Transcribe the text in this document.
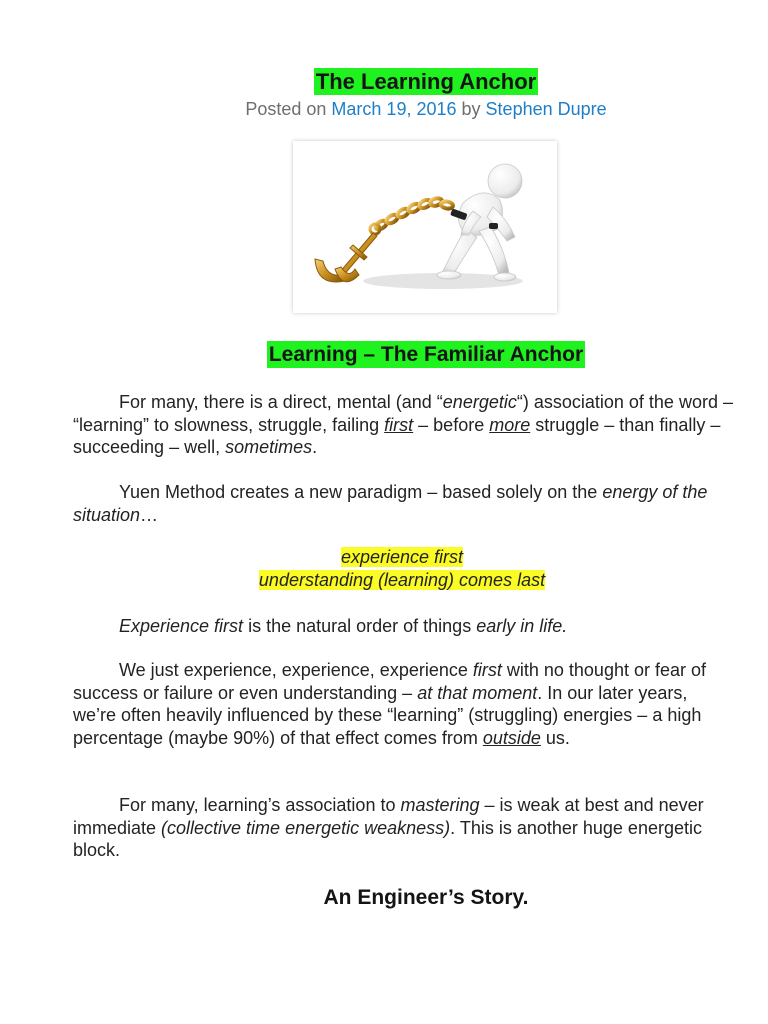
The Learning Anchor
Posted on March 19, 2016 by Stephen Dupre
Learning – The Familiar Anchor
For many, there is a direct, mental (and “energetic“) association of the word – “learning” to slowness, struggle, failing first – before more struggle – than finally – succeeding – well, sometimes.
Yuen Method creates a new paradigm – based solely on the energy of the situation…
experience first
understanding (learning) comes last
Experience first is the natural order of things early in life.
We just experience, experience, experience first with no thought or fear of success or failure or even understanding – at that moment. In our later years, we’re often heavily influenced by these “learning” (struggling) energies – a high percentage (maybe 90%) of that effect comes from outside us.
For many, learning’s association to mastering – is weak at best and never immediate (collective time energetic weakness). This is another huge energetic block.
An Engineer’s Story.
